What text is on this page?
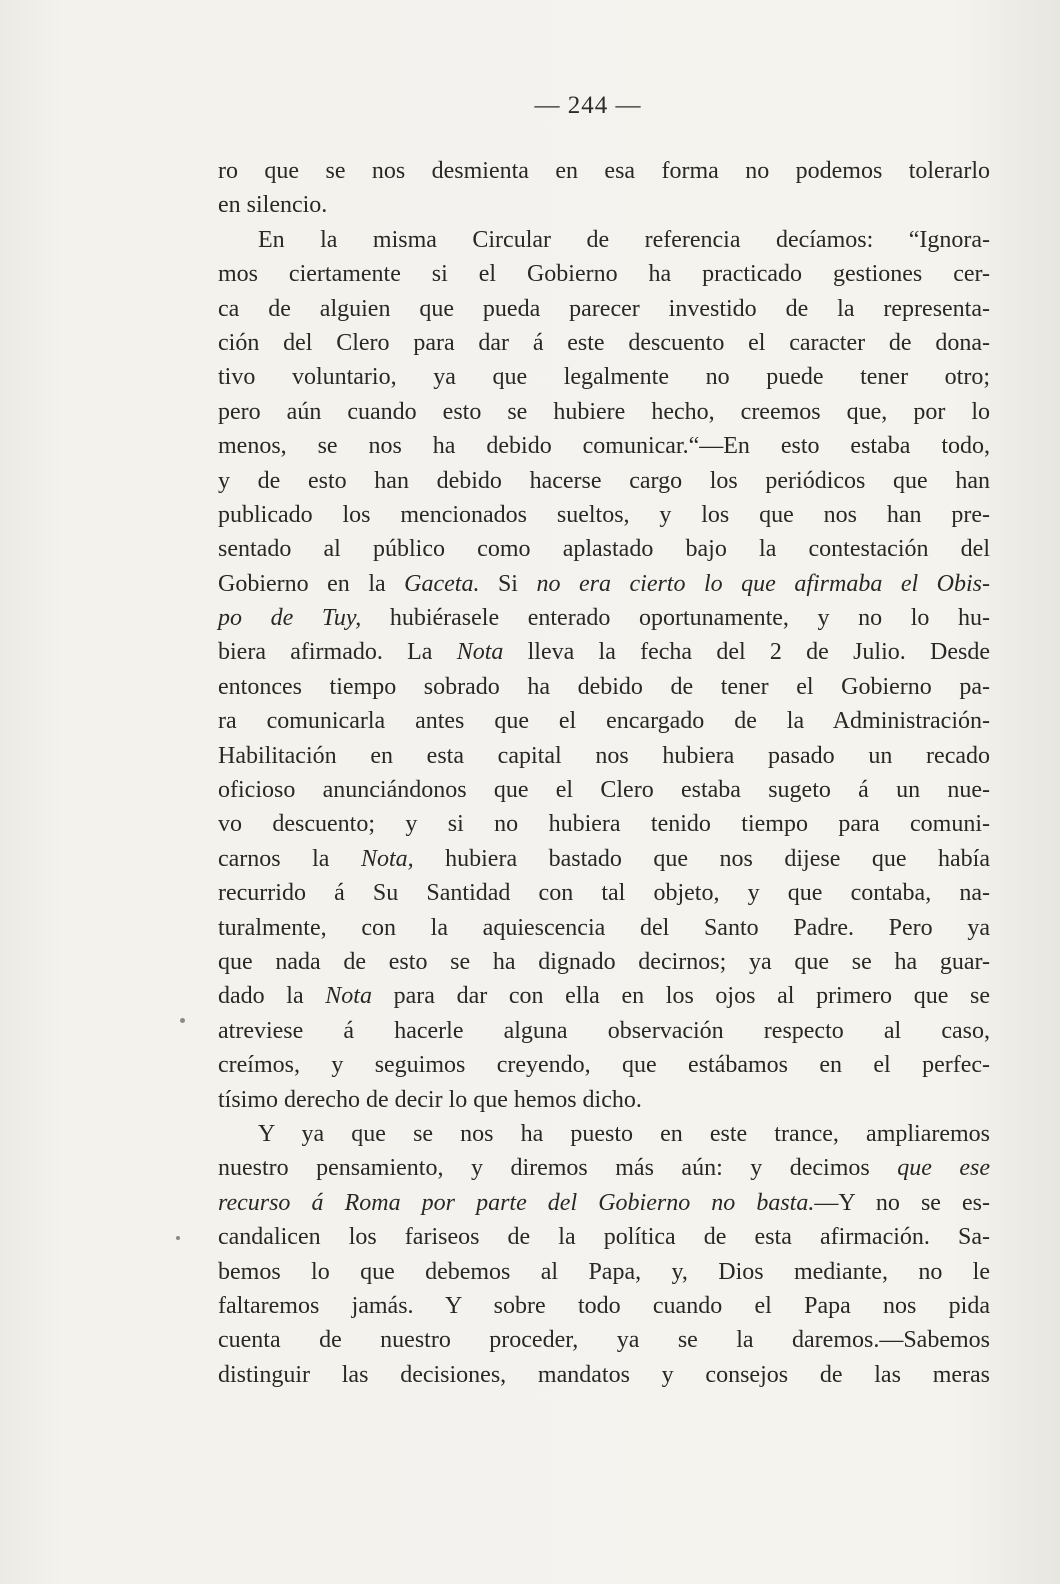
— 244 —
ro que se nos desmienta en esa forma no podemos tolerarlo
en silencio.
En la misma Circular de referencia decíamos: “Ignora-
mos ciertamente si el Gobierno ha practicado gestiones cer-
ca de alguien que pueda parecer investido de la representa-
ción del Clero para dar á este descuento el caracter de dona-
tivo voluntario, ya que legalmente no puede tener otro;
pero aún cuando esto se hubiere hecho, creemos que, por lo
menos, se nos ha debido comunicar.“—En esto estaba todo,
y de esto han debido hacerse cargo los periódicos que han
publicado los mencionados sueltos, y los que nos han pre-
sentado al público como aplastado bajo la contestación del
Gobierno en la Gaceta. Si no era cierto lo que afirmaba el Obis-
po de Tuy, hubiérasele enterado oportunamente, y no lo hu-
biera afirmado. La Nota lleva la fecha del 2 de Julio. Desde
entonces tiempo sobrado ha debido de tener el Gobierno pa-
ra comunicarla antes que el encargado de la Administración-
Habilitación en esta capital nos hubiera pasado un recado
oficioso anunciándonos que el Clero estaba sugeto á un nue-
vo descuento; y si no hubiera tenido tiempo para comuni-
carnos la Nota, hubiera bastado que nos dijese que había
recurrido á Su Santidad con tal objeto, y que contaba, na-
turalmente, con la aquiescencia del Santo Padre. Pero ya
que nada de esto se ha dignado decirnos; ya que se ha guar-
dado la Nota para dar con ella en los ojos al primero que se
atreviese á hacerle alguna observación respecto al caso,
creímos, y seguimos creyendo, que estábamos en el perfec-
tísimo derecho de decir lo que hemos dicho.
Y ya que se nos ha puesto en este trance, ampliaremos
nuestro pensamiento, y diremos más aún: y decimos que ese
recurso á Roma por parte del Gobierno no basta.—Y no se es-
candalicen los fariseos de la política de esta afirmación. Sa-
bemos lo que debemos al Papa, y, Dios mediante, no le
faltaremos jamás. Y sobre todo cuando el Papa nos pida
cuenta de nuestro proceder, ya se la daremos.—Sabemos
distinguir las decisiones, mandatos y consejos de las meras
